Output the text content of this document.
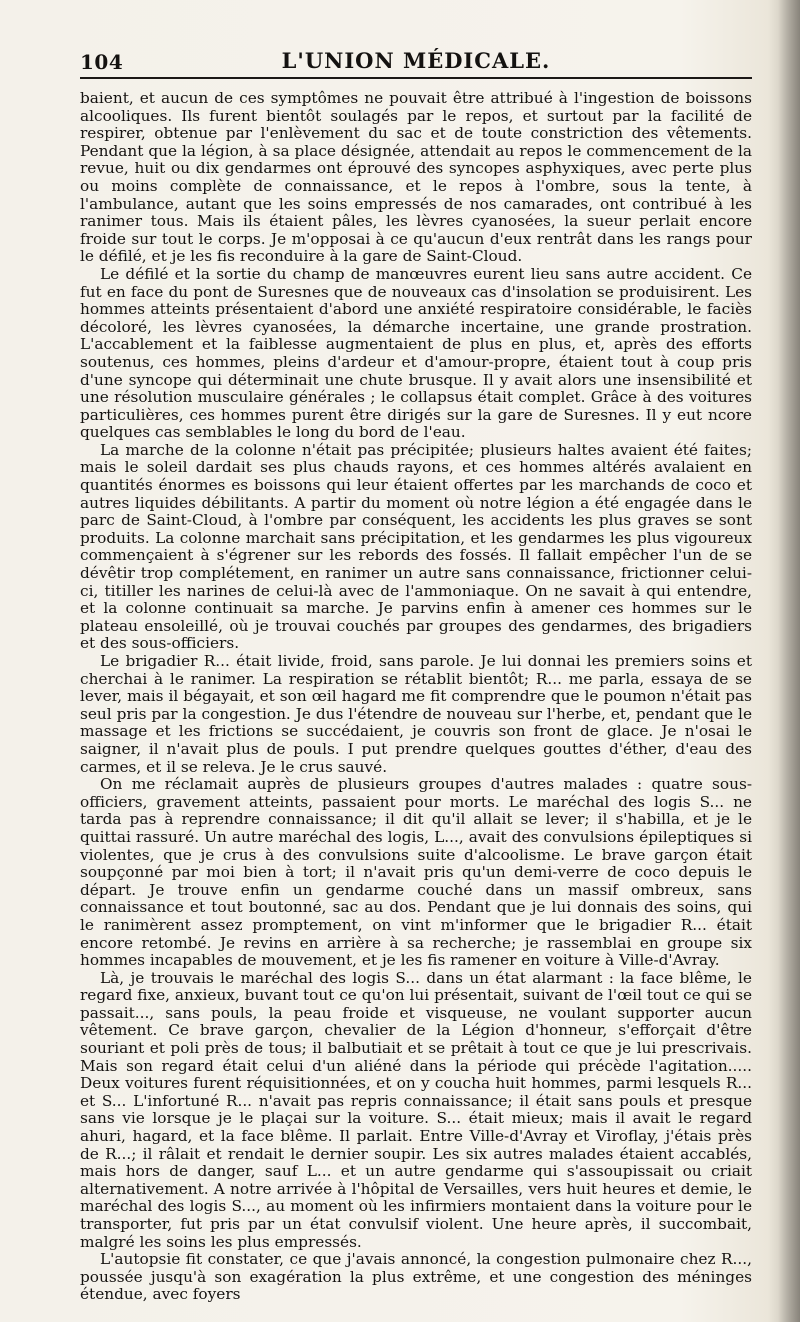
104	L'UNION MÉDICALE.

baient, et aucun de ces symptômes ne pouvait être attribué à l'ingestion de boissons alcooliques. Ils furent bientôt soulagés par le repos, et surtout par la facilité de respirer, obtenue par l'enlèvement du sac et de toute constriction des vêtements. Pendant que la légion, à sa place désignée, attendait au repos le commencement de la revue, huit ou dix gendarmes ont éprouvé des syncopes asphyxiques, avec perte plus ou moins complète de connaissance, et le repos à l'ombre, sous la tente, à l'ambulance, autant que les soins empressés de nos camarades, ont contribué à les ranimer tous. Mais ils étaient pâles, les lèvres cyanosées, la sueur perlait encore froide sur tout le corps. Je m'opposai à ce qu'aucun d'eux rentrât dans les rangs pour le défilé, et je les fis reconduire à la gare de Saint-Cloud.

Le défilé et la sortie du champ de manœuvres eurent lieu sans autre accident. Ce fut en face du pont de Suresnes que de nouveaux cas d'insolation se produisirent. Les hommes atteints présentaient d'abord une anxiété respiratoire considérable, le faciès décoloré, les lèvres cyanosées, la démarche incertaine, une grande prostration. L'accablement et la faiblesse augmentaient de plus en plus, et, après des efforts soutenus, ces hommes, pleins d'ardeur et d'amour-propre, étaient tout à coup pris d'une syncope qui déterminait une chute brusque. Il y avait alors une insensibilité et une résolution musculaire générales ; le collapsus était complet. Grâce à des voitures particulières, ces hommes purent être dirigés sur la gare de Suresnes. Il y eut ncore quelques cas semblables le long du bord de l'eau.

La marche de la colonne n'était pas précipitée; plusieurs haltes avaient été faites; mais le soleil dardait ses plus chauds rayons, et ces hommes altérés avalaient en quantités énormes es boissons qui leur étaient offertes par les marchands de coco et autres liquides débilitants. A partir du moment où notre légion a été engagée dans le parc de Saint-Cloud, à l'ombre par conséquent, les accidents les plus graves se sont produits. La colonne marchait sans précipitation, et les gendarmes les plus vigoureux commençaient à s'égrener sur les rebords des fossés. Il fallait empêcher l'un de se dévêtir trop complétement, en ranimer un autre sans connaissance, frictionner celui-ci, titiller les narines de celui-là avec de l'ammoniaque. On ne savait à qui entendre, et la colonne continuait sa marche. Je parvins enfin à amener ces hommes sur le plateau ensoleillé, où je trouvai couchés par groupes des gendarmes, des brigadiers et des sous-officiers.

Le brigadier R... était livide, froid, sans parole. Je lui donnai les premiers soins et cherchai à le ranimer. La respiration se rétablit bientôt; R... me parla, essaya de se lever, mais il bégayait, et son œil hagard me fit comprendre que le poumon n'était pas seul pris par la congestion. Je dus l'étendre de nouveau sur l'herbe, et, pendant que le massage et les frictions se succédaient, je couvris son front de glace. Je n'osai le saigner, il n'avait plus de pouls. I put prendre quelques gouttes d'éther, d'eau des carmes, et il se releva. Je le crus sauvé.

On me réclamait auprès de plusieurs groupes d'autres malades : quatre sous-officiers, gravement atteints, passaient pour morts. Le maréchal des logis S... ne tarda pas à reprendre connaissance; il dit qu'il allait se lever; il s'habilla, et je le quittai rassuré. Un autre maréchal des logis, L..., avait des convulsions épileptiques si violentes, que je crus à des convulsions suite d'alcoolisme. Le brave garçon était soupçonné par moi bien à tort; il n'avait pris qu'un demi-verre de coco depuis le départ. Je trouve enfin un gendarme couché dans un massif ombreux, sans connaissance et tout boutonné, sac au dos. Pendant que je lui donnais des soins, qui le ranimèrent assez promptement, on vint m'informer que le brigadier R... était encore retombé. Je revins en arrière à sa recherche; je rassemblai en groupe six hommes incapables de mouvement, et je les fis ramener en voiture à Ville-d'Avray.

Là, je trouvais le maréchal des logis S... dans un état alarmant : la face blême, le regard fixe, anxieux, buvant tout ce qu'on lui présentait, suivant de l'œil tout ce qui se passait..., sans pouls, la peau froide et visqueuse, ne voulant supporter aucun vêtement. Ce brave garçon, chevalier de la Légion d'honneur, s'efforçait d'être souriant et poli près de tous; il balbutiait et se prêtait à tout ce que je lui prescrivais. Mais son regard était celui d'un aliéné dans la période qui précède l'agitation..... Deux voitures furent réquisitionnées, et on y coucha huit hommes, parmi lesquels R... et S... L'infortuné R... n'avait pas repris connaissance; il était sans pouls et presque sans vie lorsque je le plaçai sur la voiture. S... était mieux; mais il avait le regard ahuri, hagard, et la face blême. Il parlait. Entre Ville-d'Avray et Viroflay, j'étais près de R...; il râlait et rendait le dernier soupir. Les six autres malades étaient accablés, mais hors de danger, sauf L... et un autre gendarme qui s'assoupissait ou criait alternativement. A notre arrivée à l'hôpital de Versailles, vers huit heures et demie, le maréchal des logis S..., au moment où les infirmiers montaient dans la voiture pour le transporter, fut pris par un état convulsif violent. Une heure après, il succombait, malgré les soins les plus empressés.

L'autopsie fit constater, ce que j'avais annoncé, la congestion pulmonaire chez R..., poussée jusqu'à son exagération la plus extrême, et une congestion des méninges étendue, avec foyers
